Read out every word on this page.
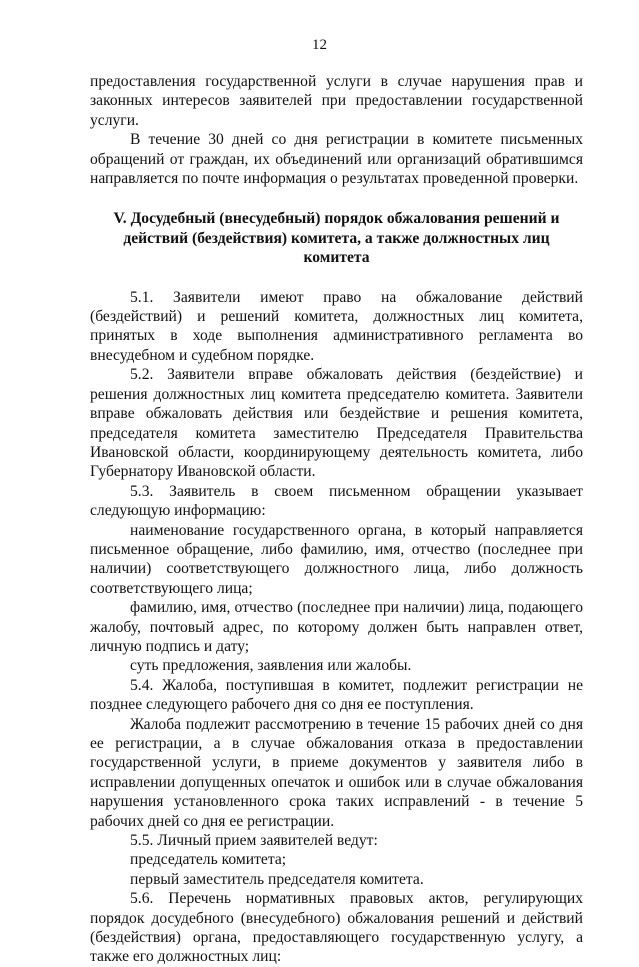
12

предоставления государственной услуги в случае нарушения прав и законных интересов заявителей при предоставлении государственной услуги.

В течение 30 дней со дня регистрации в комитете письменных обращений от граждан, их объединений или организаций обратившимся направляется по почте информация о результатах проведенной проверки.

V. Досудебный (внесудебный) порядок обжалования решений и действий (бездействия) комитета, а также должностных лиц комитета

5.1. Заявители имеют право на обжалование действий (бездействий) и решений комитета, должностных лиц комитета, принятых в ходе выполнения административного регламента во внесудебном и судебном порядке.

5.2. Заявители вправе обжаловать действия (бездействие) и решения должностных лиц комитета председателю комитета. Заявители вправе обжаловать действия или бездействие и решения комитета, председателя комитета заместителю Председателя Правительства Ивановской области, координирующему деятельность комитета, либо Губернатору Ивановской области.

5.3. Заявитель в своем письменном обращении указывает следующую информацию:

наименование государственного органа, в который направляется письменное обращение, либо фамилию, имя, отчество (последнее при наличии) соответствующего должностного лица, либо должность соответствующего лица;

фамилию, имя, отчество (последнее при наличии) лица, подающего жалобу, почтовый адрес, по которому должен быть направлен ответ, личную подпись и дату;

суть предложения, заявления или жалобы.

5.4. Жалоба, поступившая в комитет, подлежит регистрации не позднее следующего рабочего дня со дня ее поступления.

Жалоба подлежит рассмотрению в течение 15 рабочих дней со дня ее регистрации, а в случае обжалования отказа в предоставлении государственной услуги, в приеме документов у заявителя либо в исправлении допущенных опечаток и ошибок или в случае обжалования нарушения установленного срока таких исправлений - в течение 5 рабочих дней со дня ее регистрации.

5.5. Личный прием заявителей ведут:

председатель комитета;

первый заместитель председателя комитета.

5.6. Перечень нормативных правовых актов, регулирующих порядок досудебного (внесудебного) обжалования решений и действий (бездействия) органа, предоставляющего государственную услугу, а также его должностных лиц:
